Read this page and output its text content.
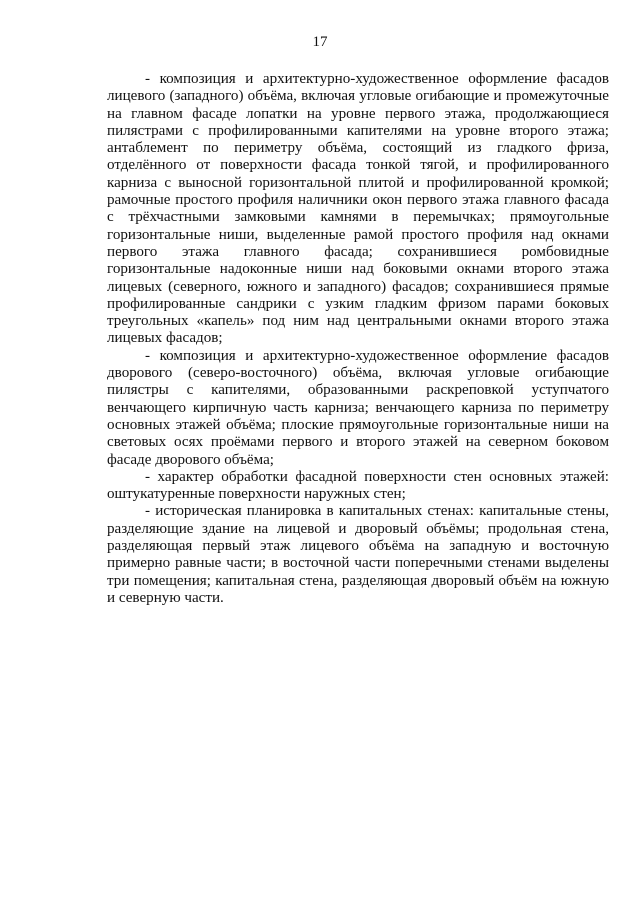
17

- композиция и архитектурно-художественное оформление фасадов лицевого (западного) объёма, включая угловые огибающие и промежуточные на главном фасаде лопатки на уровне первого этажа, продолжающиеся пилястрами с профилированными капителями на уровне второго этажа; антаблемент по периметру объёма, состоящий из гладкого фриза, отделённого от поверхности фасада тонкой тягой, и профилированного карниза с выносной горизонтальной плитой и профилированной кромкой; рамочные простого профиля наличники окон первого этажа главного фасада с трёхчастными замковыми камнями в перемычках; прямоугольные горизонтальные ниши, выделенные рамой простого профиля над окнами первого этажа главного фасада; сохранившиеся ромбовидные горизонтальные надоконные ниши над боковыми окнами второго этажа лицевых (северного, южного и западного) фасадов; сохранившиеся прямые профилированные сандрики с узким гладким фризом парами боковых треугольных «капель» под ним над центральными окнами второго этажа лицевых фасадов;

- композиция и архитектурно-художественное оформление фасадов дворового (северо-восточного) объёма, включая угловые огибающие пилястры с капителями, образованными раскреповкой уступчатого венчающего кирпичную часть карниза; венчающего карниза по периметру основных этажей объёма; плоские прямоугольные горизонтальные ниши на световых осях проёмами первого и второго этажей на северном боковом фасаде дворового объёма;

- характер обработки фасадной поверхности стен основных этажей: оштукатуренные поверхности наружных стен;

- историческая планировка в капитальных стенах: капитальные стены, разделяющие здание на лицевой и дворовый объёмы; продольная стена, разделяющая первый этаж лицевого объёма на западную и восточную примерно равные части; в восточной части поперечными стенами выделены три помещения; капитальная стена, разделяющая дворовый объём на южную и северную части.
